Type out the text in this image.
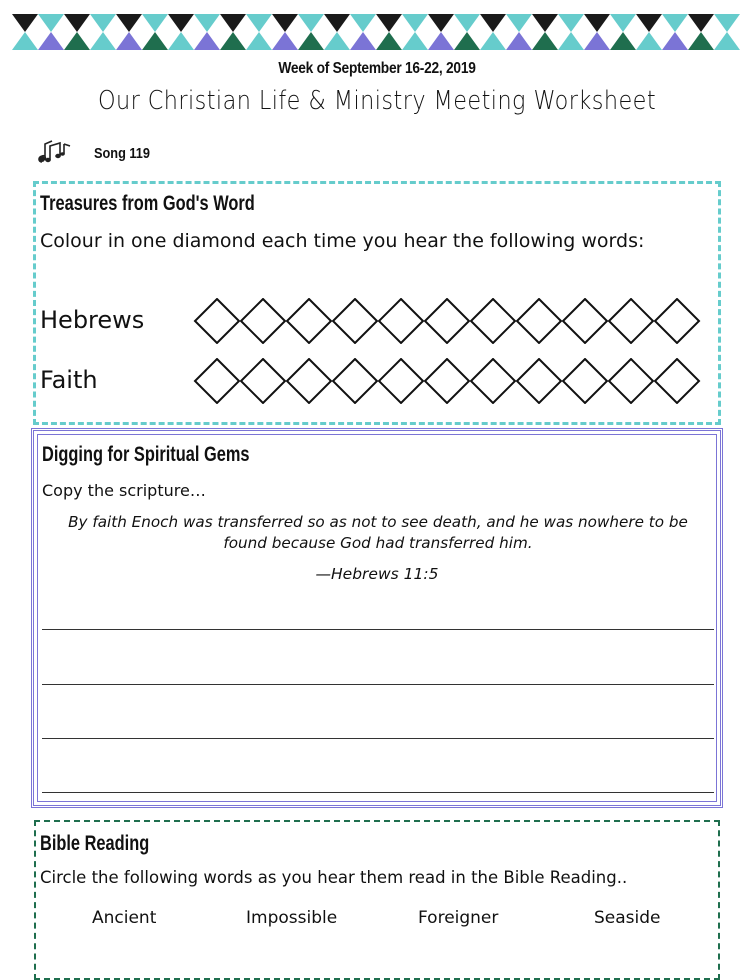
Week of September 16-22, 2019
Our Christian Life & Ministry Meeting Worksheet
Song 119
Treasures from God's Word
Colour in one diamond each time you hear the following words:
Hebrews
Faith
Digging for Spiritual Gems
Copy the scripture…
By faith Enoch was transferred so as not to see death, and he was nowhere to be found because God had transferred him.
—Hebrews 11:5
Bible Reading
Circle the following words as you hear them read in the Bible Reading..
Ancient	Impossible	Foreigner	Seaside
